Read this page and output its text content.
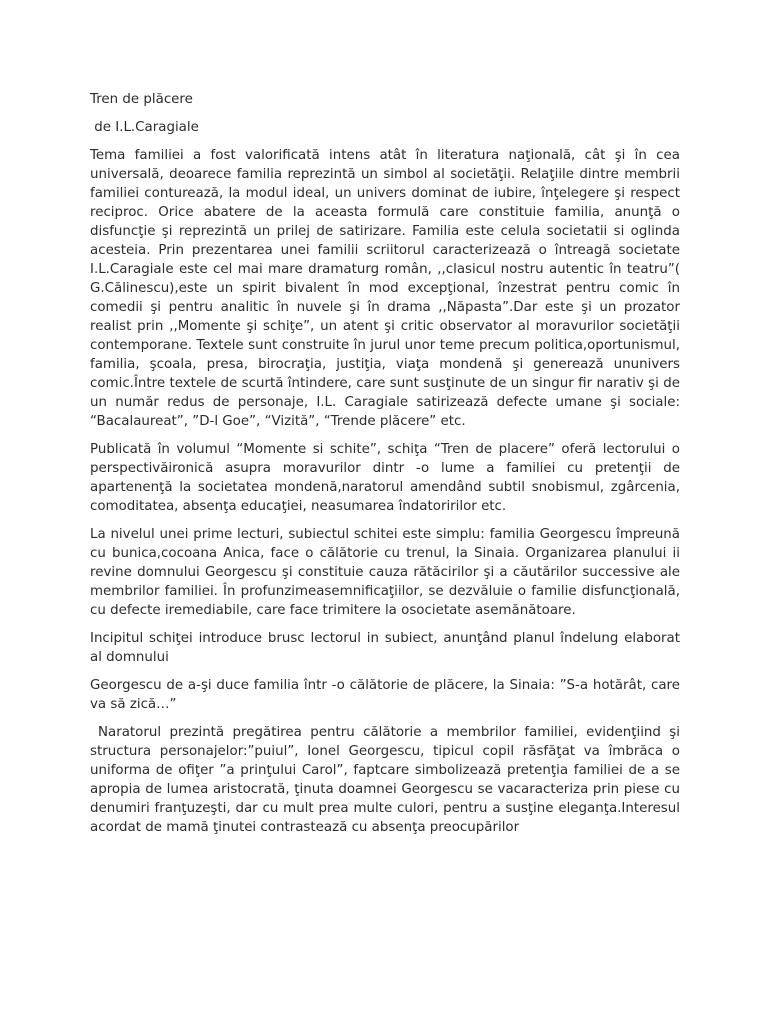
Tren de plăcere

de I.L.Caragiale

Tema familiei a fost valorificată intens atât în literatura naţională, cât şi în cea universală, deoarece familia reprezintă un simbol al societăţii. Relaţiile dintre membrii familiei conturează, la modul ideal, un univers dominat de iubire, înţelegere şi respect reciproc. Orice abatere de la aceasta formulă care constituie familia, anunţă o disfuncţie şi reprezintă un prilej de satirizare. Familia este celula societatii si oglinda acesteia. Prin prezentarea unei familii scriitorul caracterizează o întreagă societate I.L.Caragiale este cel mai mare dramaturg român, ,,clasicul nostru autentic în teatru”( G.Călinescu),este un spirit bivalent în mod excepţional, înzestrat pentru comic în comedii şi pentru analitic în nuvele şi în drama ,,Năpasta”.Dar este şi un prozator realist prin ,,Momente şi schiţe”, un atent şi critic observator al moravurilor societăţii contemporane. Textele sunt construite în jurul unor teme precum politica,oportunismul, familia, şcoala, presa, birocraţia, justiţia, viaţa mondenă şi generează ununivers comic.Între textele de scurtă întindere, care sunt susţinute de un singur fir narativ şi de un număr redus de personaje, I.L. Caragiale satirizează defecte umane şi sociale: “Bacalaureat”, ”D-l Goe”, “Vizită”, “Trende plăcere” etc.

Publicată în volumul “Momente si schite”, schiţa “Tren de placere” oferă lectorului o perspectivăironică asupra moravurilor dintr -o lume a familiei cu pretenţii de apartenenţă la societatea mondenă,naratorul amendând subtil snobismul, zgârcenia, comoditatea, absenţa educaţiei, neasumarea îndatoririlor etc.

La nivelul unei prime lecturi, subiectul schitei este simplu: familia Georgescu împreună cu bunica,cocoana Anica, face o călătorie cu trenul, la Sinaia. Organizarea planului ii revine domnului Georgescu şi constituie cauza rătăcirilor şi a căutărilor successive ale membrilor familiei. În profunzimeasemnificaţiilor, se dezvăluie o familie disfuncţională, cu defecte iremediabile, care face trimitere la osocietate asemănătoare.

Incipitul schiţei introduce brusc lectorul in subiect, anunţând planul îndelung elaborat al domnului

Georgescu de a-şi duce familia într -o călătorie de plăcere, la Sinaia: ”S-a hotărât, care va să zică…”

Naratorul prezintă pregătirea pentru călătorie a membrilor familiei, evidenţiind şi structura personajelor:”puiul”, Ionel Georgescu, tipicul copil răsfăţat va îmbrăca o uniforma de ofiţer ”a prinţului Carol”, faptcare simbolizează pretenţia familiei de a se apropia de lumea aristocrată, ţinuta doamnei Georgescu se vacaracteriza prin piese cu denumiri franţuzeşti, dar cu mult prea multe culori, pentru a susţine eleganţa.Interesul acordat de mamă ţinutei contrastează cu absenţa preocupărilor
